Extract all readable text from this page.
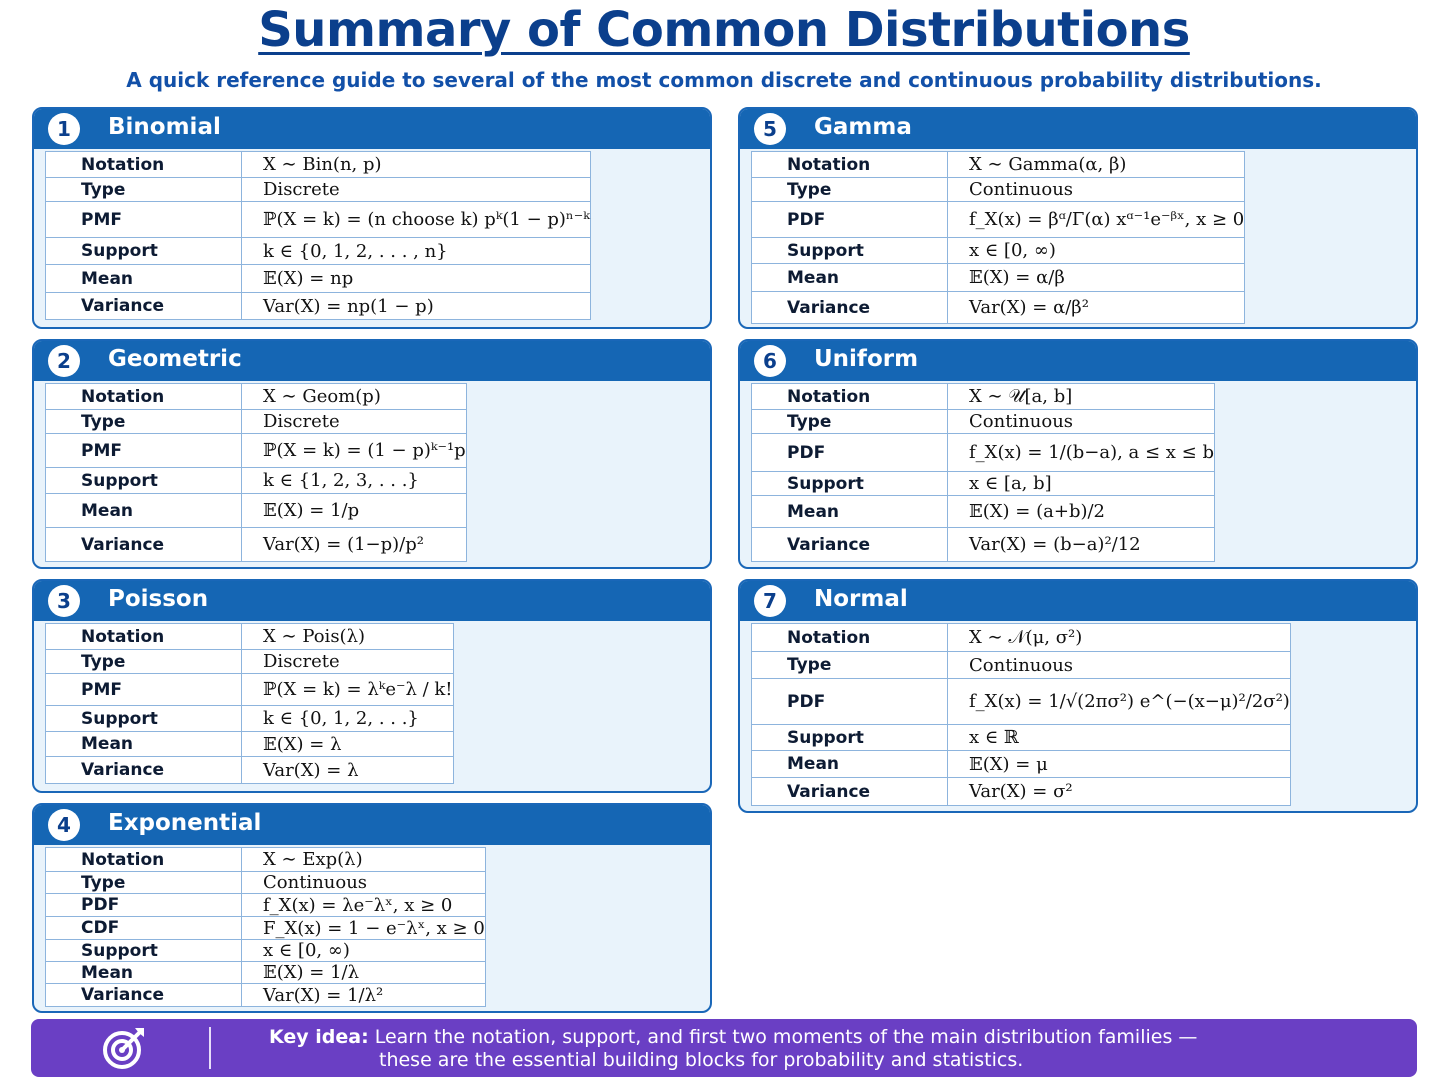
Summary of Common Distributions
A quick reference guide to several of the most common discrete and continuous probability distributions.
1	Binomial
Notation	X ∼ Bin(n, p)
Type	Discrete
PMF	ℙ(X = k) = (n choose k) pᵏ(1 − p)ⁿ⁻ᵏ
Support	k ∈ {0, 1, 2, . . . , n}
Mean	𝔼(X) = np
Variance	Var(X) = np(1 − p)
2	Geometric
Notation	X ∼ Geom(p)
Type	Discrete
PMF	ℙ(X = k) = (1 − p)ᵏ⁻¹p
Support	k ∈ {1, 2, 3, . . .}
Mean	𝔼(X) = 1/p
Variance	Var(X) = (1−p)/p²
3	Poisson
Notation	X ∼ Pois(λ)
Type	Discrete
PMF	ℙ(X = k) = λᵏe⁻λ / k!
Support	k ∈ {0, 1, 2, . . .}
Mean	𝔼(X) = λ
Variance	Var(X) = λ
4	Exponential
Notation	X ∼ Exp(λ)
Type	Continuous
PDF	f_X(x) = λe⁻λˣ, x ≥ 0
CDF	F_X(x) = 1 − e⁻λˣ, x ≥ 0
Support	x ∈ [0, ∞)
Mean	𝔼(X) = 1/λ
Variance	Var(X) = 1/λ²
5	Gamma
Notation	X ∼ Gamma(α, β)
Type	Continuous
PDF	f_X(x) = βᵅ/Γ(α) xᵅ⁻¹e⁻ᵝˣ, x ≥ 0
Support	x ∈ [0, ∞)
Mean	𝔼(X) = α/β
Variance	Var(X) = α/β²
6	Uniform
Notation	X ∼ 𝒰[a, b]
Type	Continuous
PDF	f_X(x) = 1/(b−a), a ≤ x ≤ b
Support	x ∈ [a, b]
Mean	𝔼(X) = (a+b)/2
Variance	Var(X) = (b−a)²/12
7	Normal
Notation	X ∼ 𝒩(μ, σ²)
Type	Continuous
PDF	f_X(x) = 1/√(2πσ²) e^(−(x−μ)²/2σ²)
Support	x ∈ ℝ
Mean	𝔼(X) = μ
Variance	Var(X) = σ²
Key idea: Learn the notation, support, and first two moments of the main distribution families —
these are the essential building blocks for probability and statistics.
